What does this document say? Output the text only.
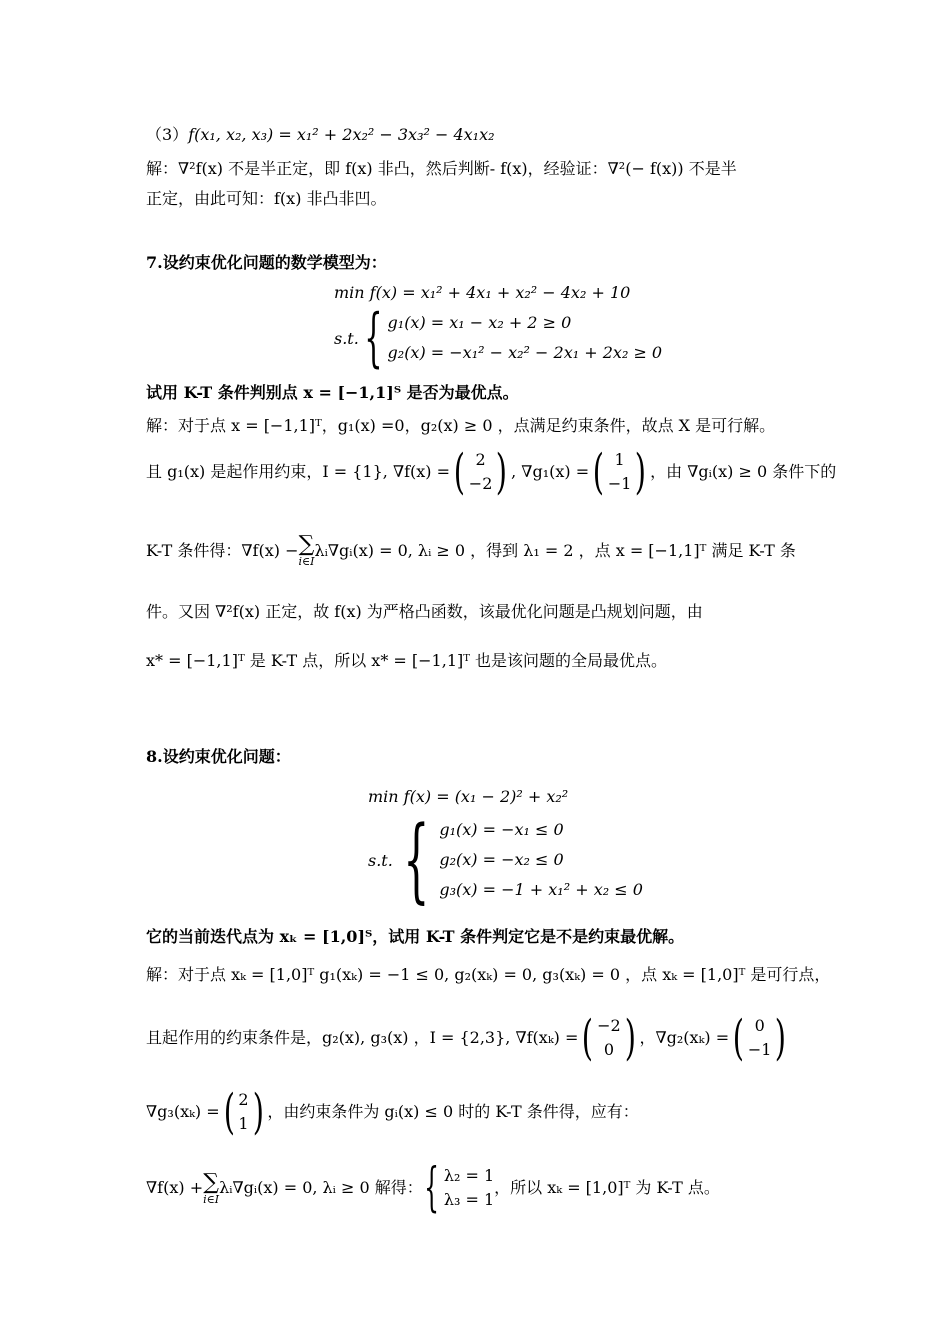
（3）f(x₁, x₂, x₃) = x₁² + 2x₂² − 3x₃² − 4x₁x₂
解：∇²f(x) 不是半正定，即 f(x) 非凸，然后判断- f(x)，经验证：∇²(− f(x)) 不是半
正定，由此可知：f(x) 非凸非凹。
7.设约束优化问题的数学模型为：
min f(x) = x₁² + 4x₁ + x₂² − 4x₂ + 10
s.t. { g₁(x) = x₁ − x₂ + 2 ≥ 0
g₂(x) = −x₁² − x₂² − 2x₁ + 2x₂ ≥ 0
试用 K-T 条件判别点 x = [−1,1]ᵀ 是否为最优点。
解：对于点 x = [−1,1]ᵀ，g₁(x) =0，g₂(x) ≥ 0 ，点满足约束条件，故点 X 是可行解。
且 g₁(x) 是起作用约束，I = {1}, ∇f(x) = ( 2
−2 ) , ∇g₁(x) = ( 1
−1 ) ，由 ∇gᵢ(x) ≥ 0 条件下的
K-T 条件得：∇f(x) − ∑
i∈I
λᵢ∇gᵢ(x) = 0, λᵢ ≥ 0 ，得到 λ₁ = 2 ，点 x = [−1,1]ᵀ 满足 K-T 条
件。又因 ∇²f(x) 正定，故 f(x) 为严格凸函数，该最优化问题是凸规划问题，由
x* = [−1,1]ᵀ 是 K-T 点，所以 x* = [−1,1]ᵀ 也是该问题的全局最优点。
8.设约束优化问题：
min f(x) = (x₁ − 2)² + x₂²
s.t. { g₁(x) = −x₁ ≤ 0
g₂(x) = −x₂ ≤ 0
g₃(x) = −1 + x₁² + x₂ ≤ 0
它的当前迭代点为 xₖ = [1,0]ᵀ，试用 K-T 条件判定它是不是约束最优解。
解：对于点 xₖ = [1,0]ᵀ g₁(xₖ) = −1 ≤ 0, g₂(xₖ) = 0, g₃(xₖ) = 0 ，点 xₖ = [1,0]ᵀ 是可行点，
且起作用的约束条件是，g₂(x), g₃(x) ，I = {2,3}, ∇f(xₖ) = ( −2
0 ) ，∇g₂(xₖ) = ( 0
−1 )
∇g₃(xₖ) = ( 2
1 ) ，由约束条件为 gᵢ(x) ≤ 0 时的 K-T 条件得，应有：
∇f(x) + ∑
i∈I
λᵢ∇gᵢ(x) = 0, λᵢ ≥ 0 解得： { λ₂ = 1
λ₃ = 1
，所以 xₖ = [1,0]ᵀ 为 K-T 点。
